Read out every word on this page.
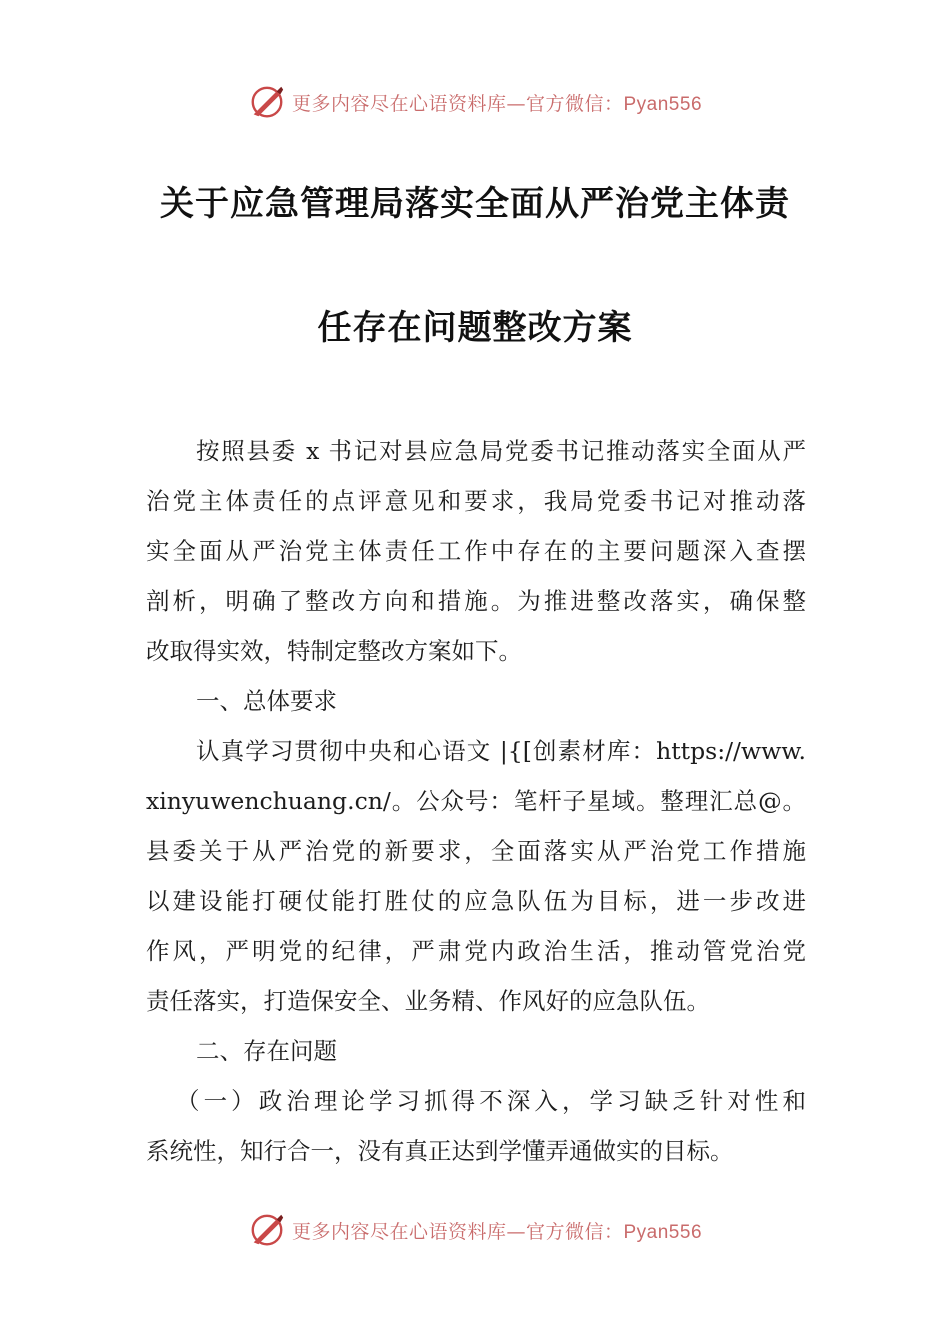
更多内容尽在心语资料库—官方微信：Pyan556
关于应急管理局落实全面从严治党主体责
任存在问题整改方案
按照县委 x 书记对县应急局党委书记推动落实全面从严
治党主体责任的点评意见和要求，我局党委书记对推动落
实全面从严治党主体责任工作中存在的主要问题深入查摆
剖析，明确了整改方向和措施。为推进整改落实，确保整
改取得实效，特制定整改方案如下。
一、总体要求
认真学习贯彻中央和心语文 |{[创素材库：https://www.
xinyuwenchuang.cn/。公众号：笔杆子星域。整理汇总@。
县委关于从严治党的新要求，全面落实从严治党工作措施
以建设能打硬仗能打胜仗的应急队伍为目标，进一步改进
作风，严明党的纪律，严肃党内政治生活，推动管党治党
责任落实，打造保安全、业务精、作风好的应急队伍。
二、存在问题
（一）政治理论学习抓得不深入，学习缺乏针对性和
系统性，知行合一，没有真正达到学懂弄通做实的目标。
更多内容尽在心语资料库—官方微信：Pyan556
